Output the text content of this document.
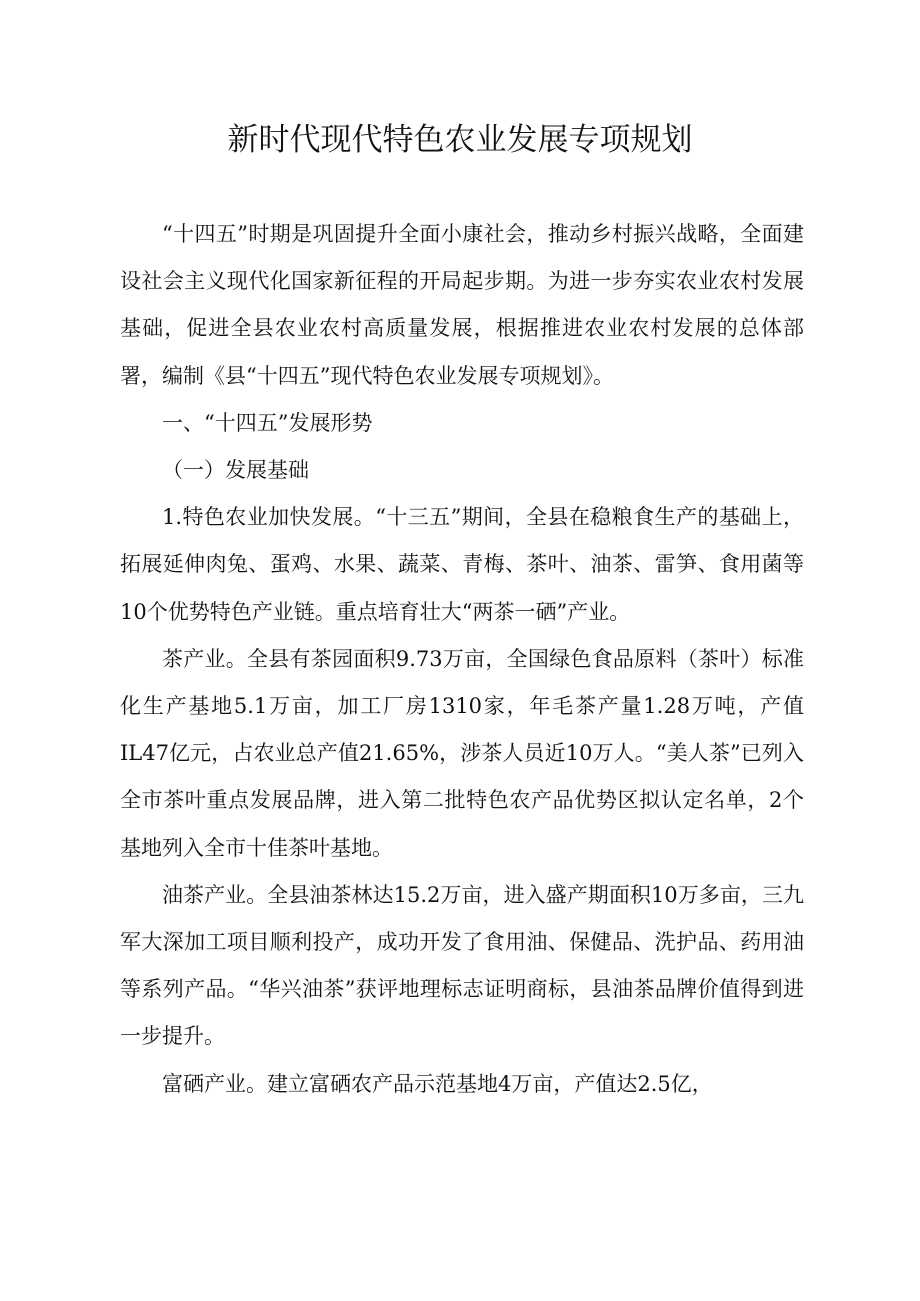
新时代现代特色农业发展专项规划

“十四五”时期是巩固提升全面小康社会，推动乡村振兴战略，全面建设社会主义现代化国家新征程的开局起步期。为进一步夯实农业农村发展基础，促进全县农业农村高质量发展，根据推进农业农村发展的总体部署，编制《县“十四五”现代特色农业发展专项规划》。

一、“十四五”发展形势

（一）发展基础

1.特色农业加快发展。“十三五”期间，全县在稳粮食生产的基础上，拓展延伸肉兔、蛋鸡、水果、蔬菜、青梅、茶叶、油茶、雷笋、食用菌等10个优势特色产业链。重点培育壮大“两茶一硒”产业。

茶产业。全县有茶园面积9.73万亩，全国绿色食品原料（茶叶）标准化生产基地5.1万亩，加工厂房1310家，年毛茶产量1.28万吨，产值IL47亿元，占农业总产值21.65%，涉茶人员近10万人。“美人茶”已列入全市茶叶重点发展品牌，进入第二批特色农产品优势区拟认定名单，2个基地列入全市十佳茶叶基地。

油茶产业。全县油茶林达15.2万亩，进入盛产期面积10万多亩，三九军大深加工项目顺利投产，成功开发了食用油、保健品、洗护品、药用油等系列产品。“华兴油茶”获评地理标志证明商标，县油茶品牌价值得到进一步提升。

富硒产业。建立富硒农产品示范基地4万亩，产值达2.5亿，
